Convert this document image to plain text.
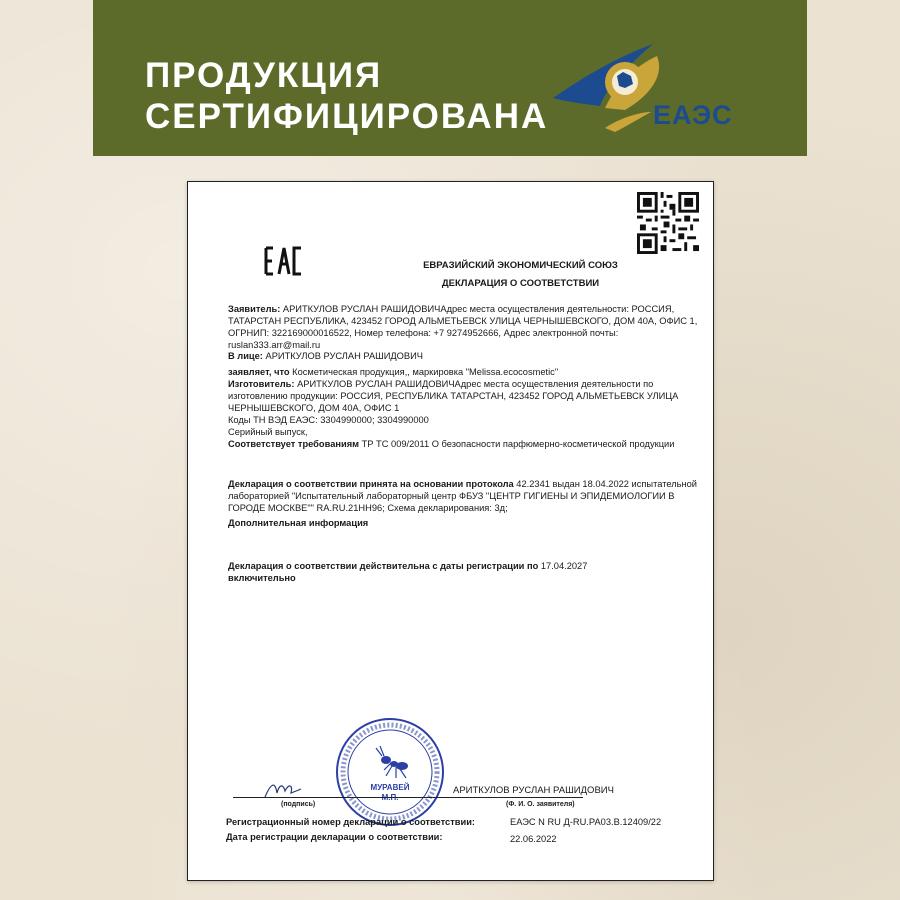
ПРОДУКЦИЯ
СЕРТИФИЦИРОВАНА	ЕАЭС
ЕВРАЗИЙСКИЙ ЭКОНОМИЧЕСКИЙ СОЮЗ
ДЕКЛАРАЦИЯ О СООТВЕТСТВИИ
Заявитель: АРИТКУЛОВ РУСЛАН РАШИДОВИЧАдрес места осуществления деятельности: РОССИЯ, ТАТАРСТАН РЕСПУБЛИКА, 423452 ГОРОД АЛЬМЕТЬЕВСК УЛИЦА ЧЕРНЫШЕВСКОГО, ДОМ 40А, ОФИС 1, ОГРНИП: 322169000016522, Номер телефона: +7 9274952666, Адрес электронной почты: ruslan333.arr@mail.ru
В лице: АРИТКУЛОВ РУСЛАН РАШИДОВИЧ
заявляет, что Косметическая продукция,, маркировка "Melissa.ecocosmetic"
Изготовитель: АРИТКУЛОВ РУСЛАН РАШИДОВИЧАдрес места осуществления деятельности по изготовлению продукции: РОССИЯ, РЕСПУБЛИКА ТАТАРСТАН, 423452 ГОРОД АЛЬМЕТЬЕВСК УЛИЦА ЧЕРНЫШЕВСКОГО, ДОМ 40А, ОФИС 1
Коды ТН ВЭД ЕАЭС: 3304990000; 3304990000
Серийный выпуск,
Соответствует требованиям ТР ТС 009/2011 О безопасности парфюмерно-косметической продукции
Декларация о соответствии принята на основании протокола 42.2341 выдан 18.04.2022 испытательной лабораторией "Испытательный лабораторный центр ФБУЗ "ЦЕНТР ГИГИЕНЫ И ЭПИДЕМИОЛОГИИ В ГОРОДЕ МОСКВЕ"" RA.RU.21НН96; Схема декларирования: 3д;
Дополнительная информация
Декларация о соответствии действительна с даты регистрации по 17.04.2027
включительно
МУРАВЕЙ	АРИТКУЛОВ РУСЛАН РАШИДОВИЧ
(подпись)	(Ф. И. О. заявителя)
Регистрационный номер декларации о соответствии:	ЕАЭС N RU Д-RU.РА03.В.12409/22
Дата регистрации декларации о соответствии:	22.06.2022
